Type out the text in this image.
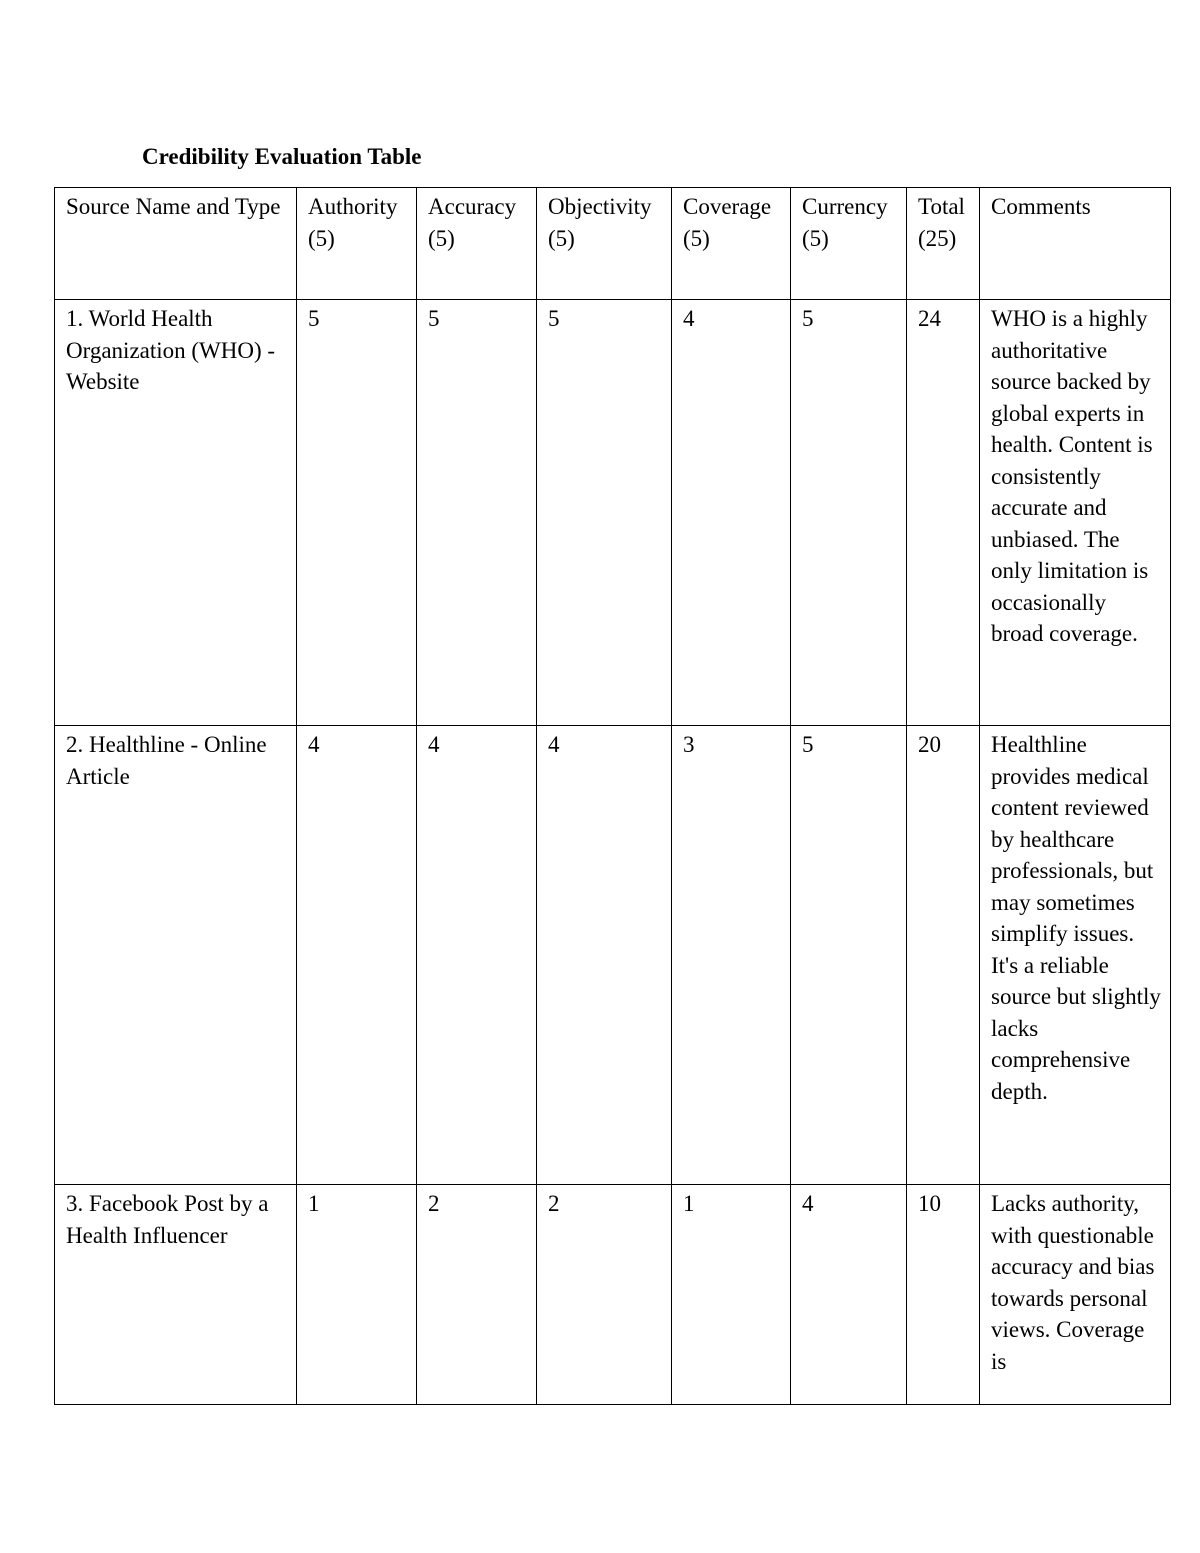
Credibility Evaluation Table
Source Name and Type	Authority (5)	Accuracy (5)	Objectivity (5)	Coverage (5)	Currency (5)	Total (25)	Comments
1. World Health Organization (WHO) - Website	5	5	5	4	5	24	WHO is a highly authoritative source backed by global experts in health. Content is consistently accurate and unbiased. The only limitation is occasionally broad coverage.
2. Healthline - Online Article	4	4	4	3	5	20	Healthline provides medical content reviewed by healthcare professionals, but may sometimes simplify issues. It's a reliable source but slightly lacks comprehensive depth.
3. Facebook Post by a Health Influencer	1	2	2	1	4	10	Lacks authority, with questionable accuracy and bias towards personal views. Coverage is
